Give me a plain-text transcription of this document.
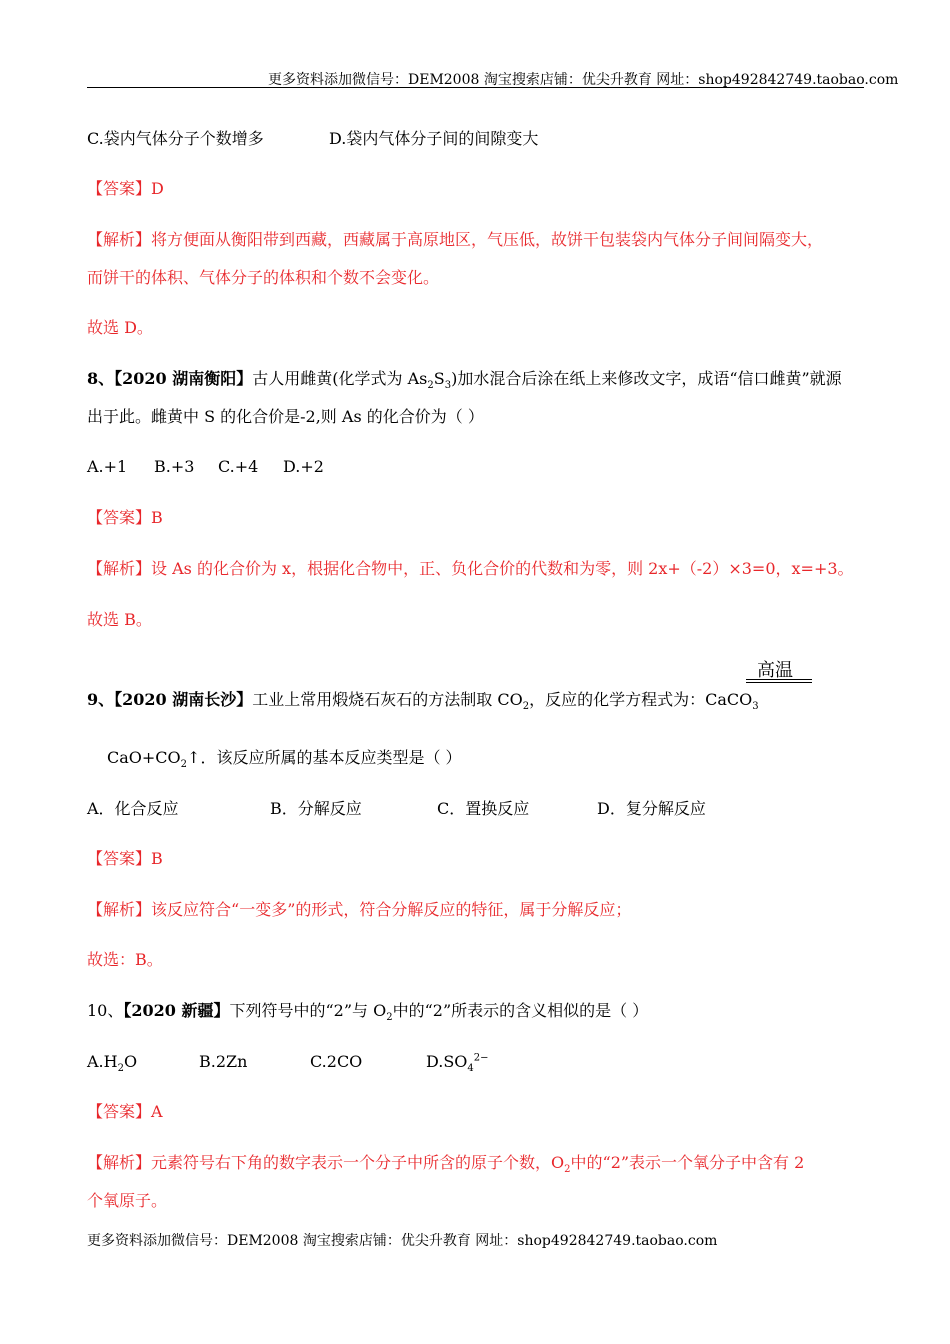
更多资料添加微信号：DEM2008 淘宝搜索店铺：优尖升教育 网址：shop492842749.taobao.com
C.袋内气体分子个数增多	D.袋内气体分子间的间隙变大
【答案】D
【解析】将方便面从衡阳带到西藏，西藏属于高原地区，气压低，故饼干包装袋内气体分子间间隔变大，
而饼干的体积、气体分子的体积和个数不会变化。
故选 D。
8、【2020 湖南衡阳】古人用雌黄(化学式为 $As_2S_3$)加水混合后涂在纸上来修改文字，成语“信口雌黄”就源
出于此。雌黄中 S 的化合价是-2,则 As 的化合价为（ ）
A.+1 B.+3 C.+4 D.+2
【答案】B
【解析】设 As 的化合价为 x，根据化合物中，正、负化合价的代数和为零，则 2x+（-2）×3=0，x=+3。
故选 B。
高温
9、【2020 湖南长沙】工业上常用煅烧石灰石的方法制取 $CO_2$，反应的化学方程式为：CaCO$_3$
$CaO+CO_2↑$．该反应所属的基本反应类型是（ ）
A．化合反应	B．分解反应	C．置换反应	D．复分解反应
【答案】B
【解析】该反应符合“一变多”的形式，符合分解反应的特征，属于分解反应；
故选：B。
10、【2020 新疆】下列符号中的“2”与 $O_2$中的“2”所表示的含义相似的是（ ）
$A.H_2O$	B.2Zn	C.2CO	$D.SO_4^{2-}$
【答案】A
【解析】元素符号右下角的数字表示一个分子中所含的原子个数，$O_2$中的“2”表示一个氧分子中含有 2
个氧原子。
更多资料添加微信号：DEM2008 淘宝搜索店铺：优尖升教育 网址：shop492842749.taobao.com
